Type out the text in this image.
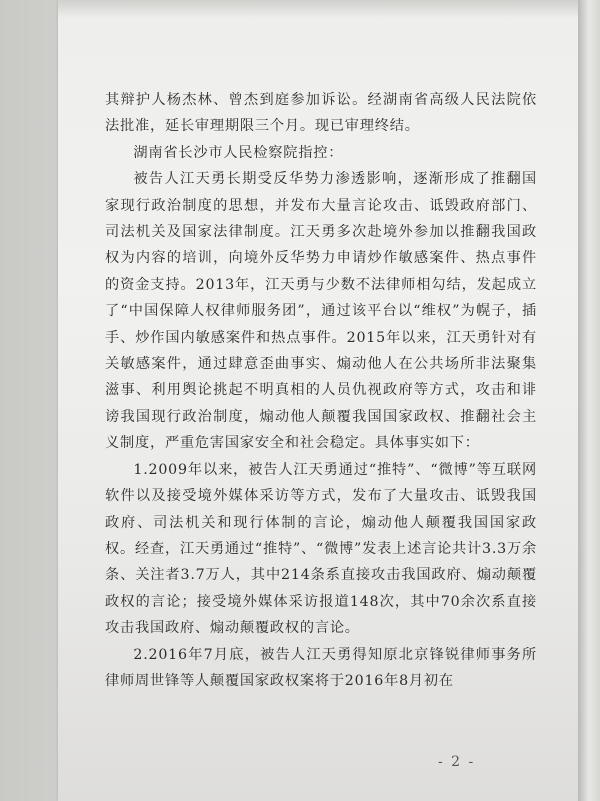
其辩护人杨杰林、曾杰到庭参加诉讼。经湖南省高级人民法院依法批准，延长审理期限三个月。现已审理终结。

湖南省长沙市人民检察院指控：

被告人江天勇长期受反华势力渗透影响，逐渐形成了推翻国家现行政治制度的思想，并发布大量言论攻击、诋毁政府部门、司法机关及国家法律制度。江天勇多次赴境外参加以推翻我国政权为内容的培训，向境外反华势力申请炒作敏感案件、热点事件的资金支持。2013年，江天勇与少数不法律师相勾结，发起成立了“中国保障人权律师服务团”，通过该平台以“维权”为幌子，插手、炒作国内敏感案件和热点事件。2015年以来，江天勇针对有关敏感案件，通过肆意歪曲事实、煽动他人在公共场所非法聚集滋事、利用舆论挑起不明真相的人员仇视政府等方式，攻击和诽谤我国现行政治制度，煽动他人颠覆我国国家政权、推翻社会主义制度，严重危害国家安全和社会稳定。具体事实如下：

1.2009年以来，被告人江天勇通过“推特”、“微博”等互联网软件以及接受境外媒体采访等方式，发布了大量攻击、诋毁我国政府、司法机关和现行体制的言论，煽动他人颠覆我国国家政权。经查，江天勇通过“推特”、“微博”发表上述言论共计3.3万余条、关注者3.7万人，其中214条系直接攻击我国政府、煽动颠覆政权的言论；接受境外媒体采访报道148次，其中70余次系直接攻击我国政府、煽动颠覆政权的言论。

2.2016年7月底，被告人江天勇得知原北京锋锐律师事务所律师周世锋等人颠覆国家政权案将于2016年8月初在

- 2 -
